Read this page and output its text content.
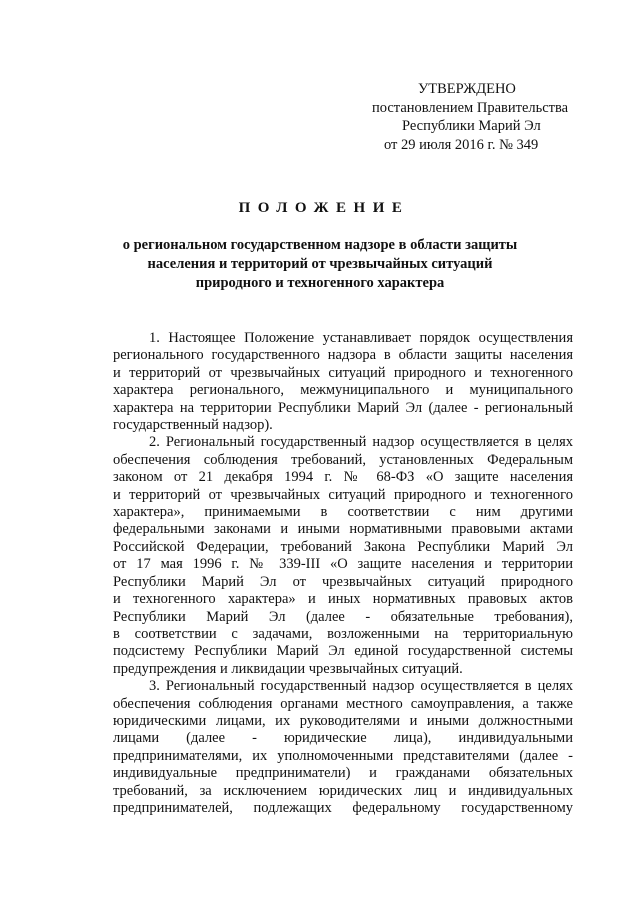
УТВЕРЖДЕНО
постановлением Правительства
Республики Марий Эл
от 29 июля 2016 г. № 349
ПОЛОЖЕНИЕ
о региональном государственном надзоре в области защиты
населения и территорий от чрезвычайных ситуаций
природного и техногенного характера
1. Настоящее Положение устанавливает порядок осуществления
регионального государственного надзора в области защиты населения
и территорий от чрезвычайных ситуаций природного и техногенного
характера регионального, межмуниципального и муниципального
характера на территории Республики Марий Эл (далее - региональный
государственный надзор).
2. Региональный государственный надзор осуществляется в целях
обеспечения соблюдения требований, установленных Федеральным
законом от 21 декабря 1994 г. № 68-ФЗ «О защите населения
и территорий от чрезвычайных ситуаций природного и техногенного
характера», принимаемыми в соответствии с ним другими
федеральными законами и иными нормативными правовыми актами
Российской Федерации, требований Закона Республики Марий Эл
от 17 мая 1996 г. № 339-III «О защите населения и территории
Республики Марий Эл от чрезвычайных ситуаций природного
и техногенного характера» и иных нормативных правовых актов
Республики Марий Эл (далее - обязательные требования),
в соответствии с задачами, возложенными на территориальную
подсистему Республики Марий Эл единой государственной системы
предупреждения и ликвидации чрезвычайных ситуаций.
3. Региональный государственный надзор осуществляется в целях
обеспечения соблюдения органами местного самоуправления, а также
юридическими лицами, их руководителями и иными должностными
лицами (далее - юридические лица), индивидуальными
предпринимателями, их уполномоченными представителями (далее -
индивидуальные предприниматели) и гражданами обязательных
требований, за исключением юридических лиц и индивидуальных
предпринимателей, подлежащих федеральному государственному
